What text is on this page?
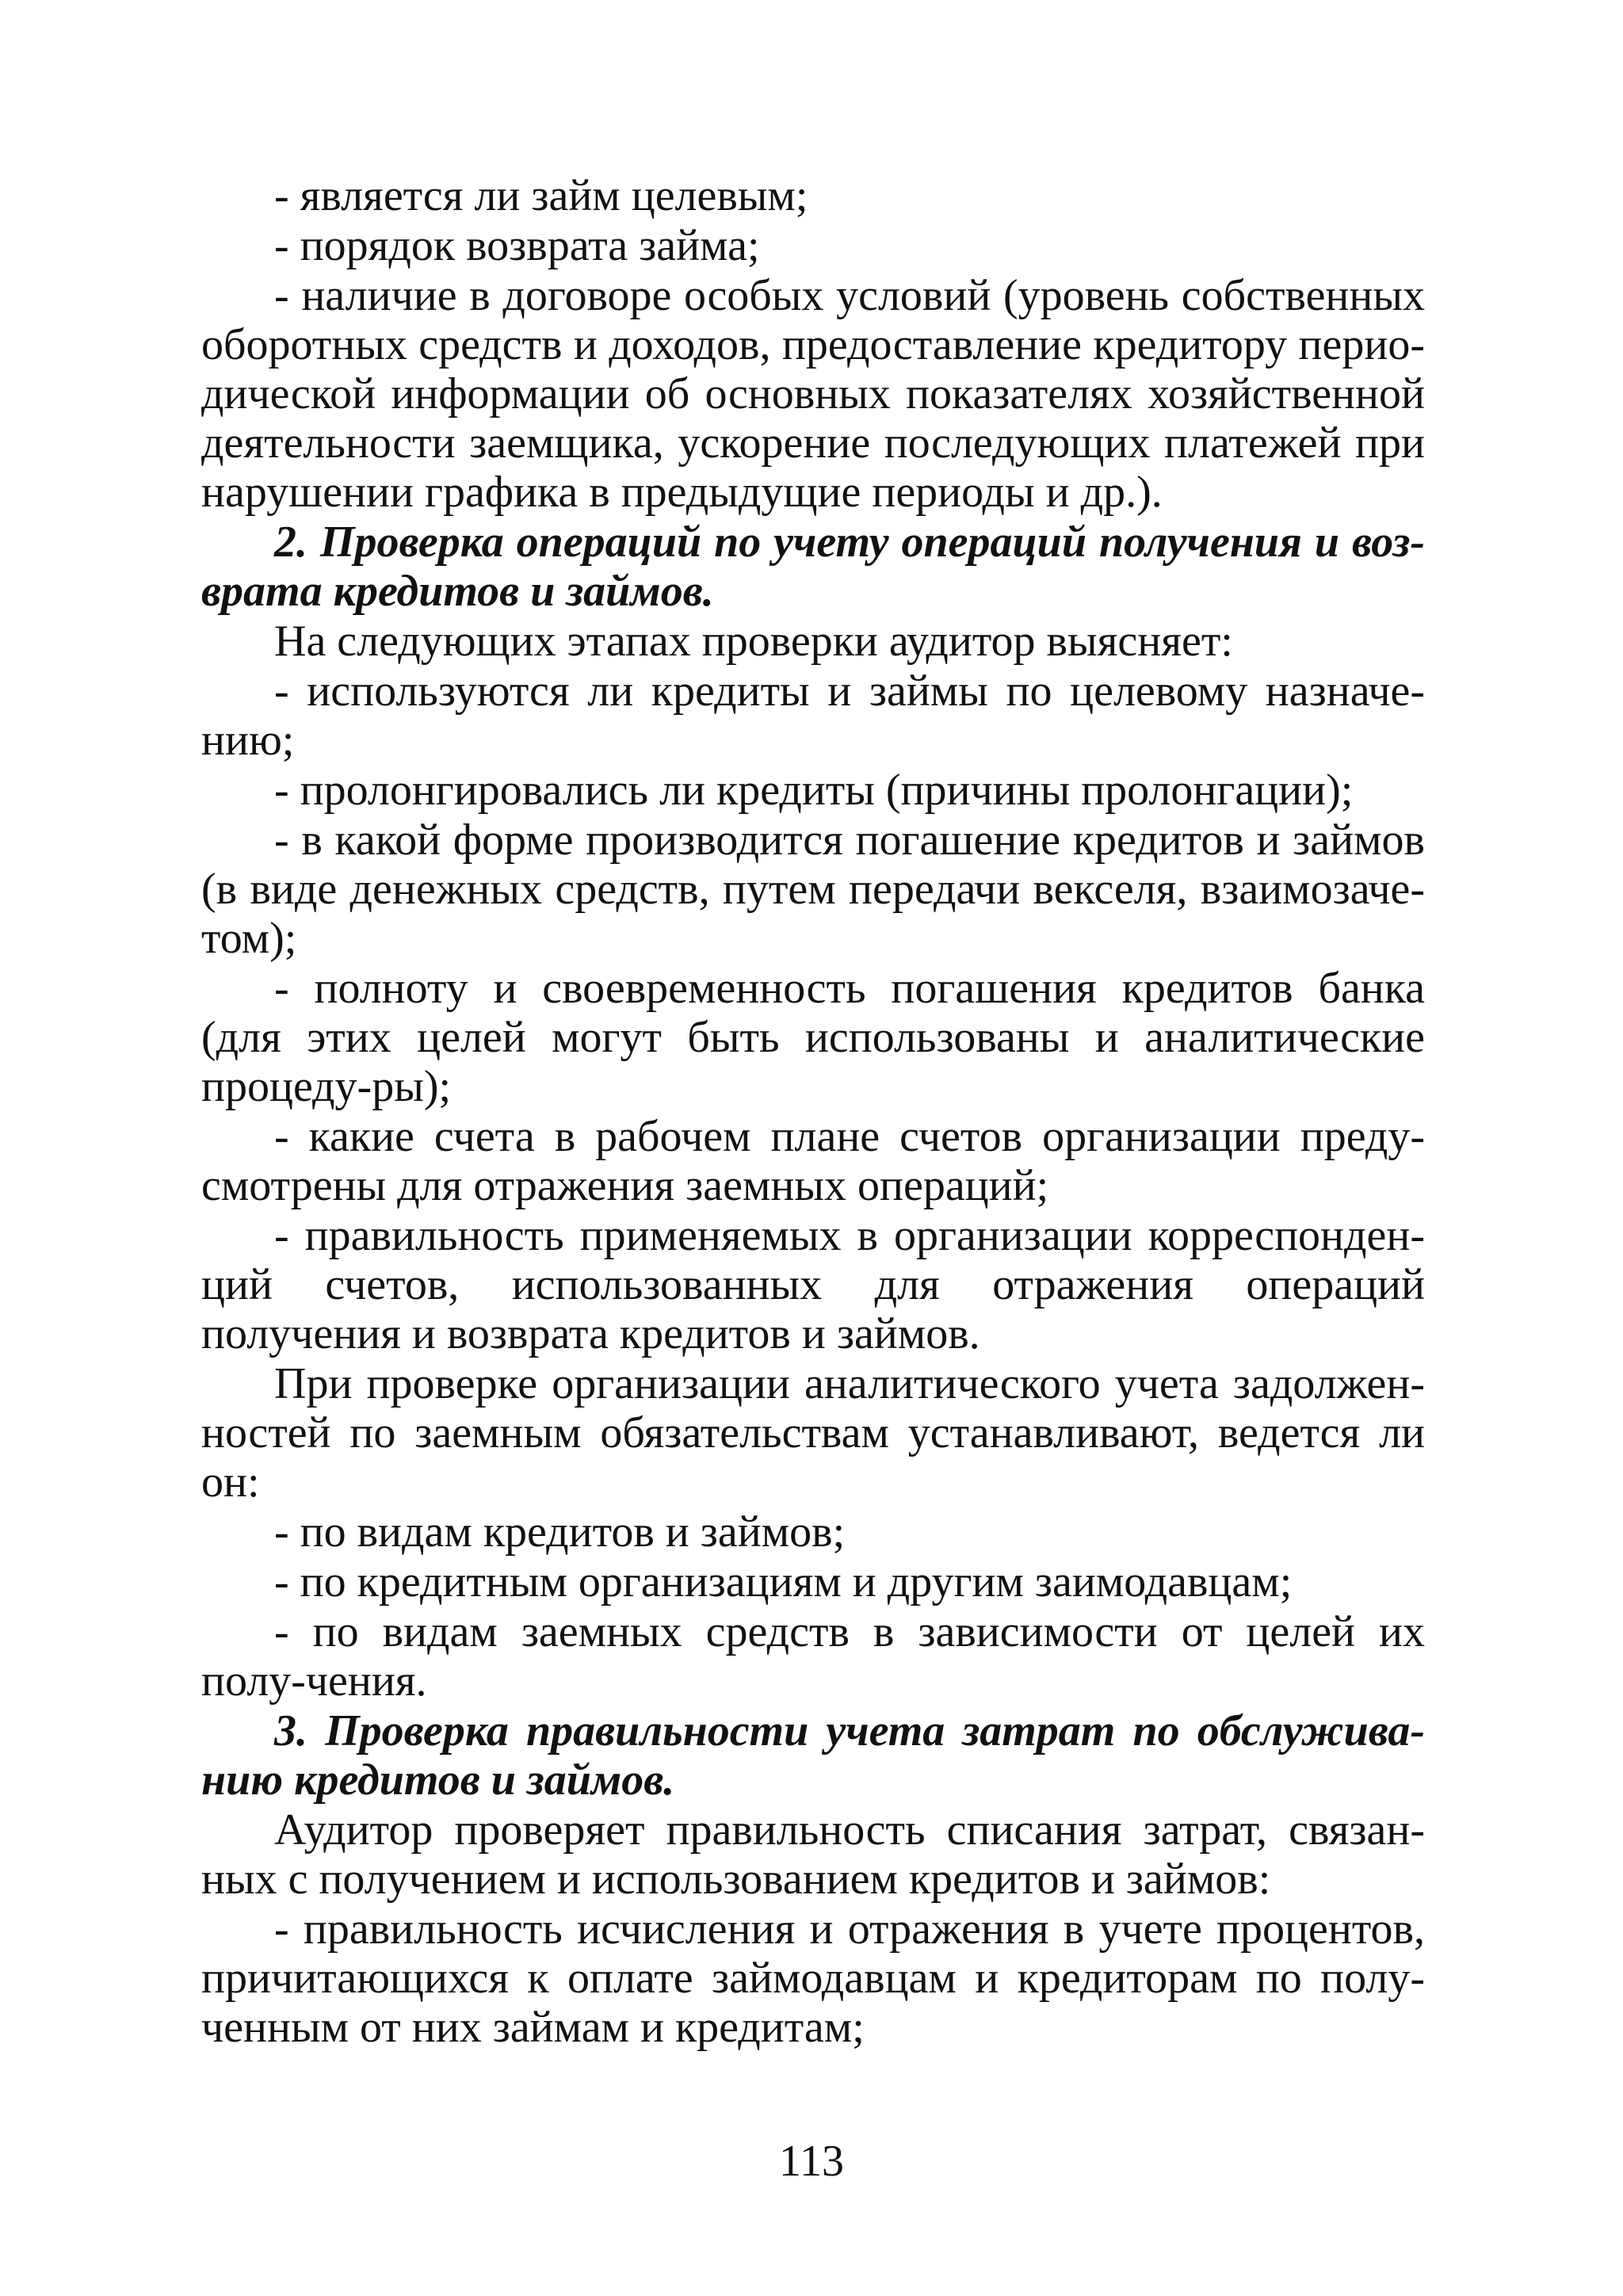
- является ли займ целевым;

- порядок возврата займа;

- наличие в договоре особых условий (уровень собственных оборотных средств и доходов, предоставление кредитору перио-дической информации об основных показателях хозяйственной деятельности заемщика, ускорение последующих платежей при нарушении графика в предыдущие периоды и др.).

2. Проверка операций по учету операций получения и воз-врата кредитов и займов.

На следующих этапах проверки аудитор выясняет:

- используются ли кредиты и займы по целевому назначе-нию;

- пролонгировались ли кредиты (причины пролонгации);

- в какой форме производится погашение кредитов и займов (в виде денежных средств, путем передачи векселя, взаимозаче-том);

- полноту и своевременность погашения кредитов банка (для этих целей могут быть использованы и аналитические процеду-ры);

- какие счета в рабочем плане счетов организации преду-смотрены для отражения заемных операций;

- правильность применяемых в организации корреспонден-ций счетов, использованных для отражения операций получения и возврата кредитов и займов.

При проверке организации аналитического учета задолжен-ностей по заемным обязательствам устанавливают, ведется ли он:

- по видам кредитов и займов;

- по кредитным организациям и другим заимодавцам;

- по видам заемных средств в зависимости от целей их полу-чения.

3. Проверка правильности учета затрат по обслужива-нию кредитов и займов.

Аудитор проверяет правильность списания затрат, связан-ных с получением и использованием кредитов и займов:

- правильность исчисления и отражения в учете процентов, причитающихся к оплате займодавцам и кредиторам по полу-ченным от них займам и кредитам;

113
